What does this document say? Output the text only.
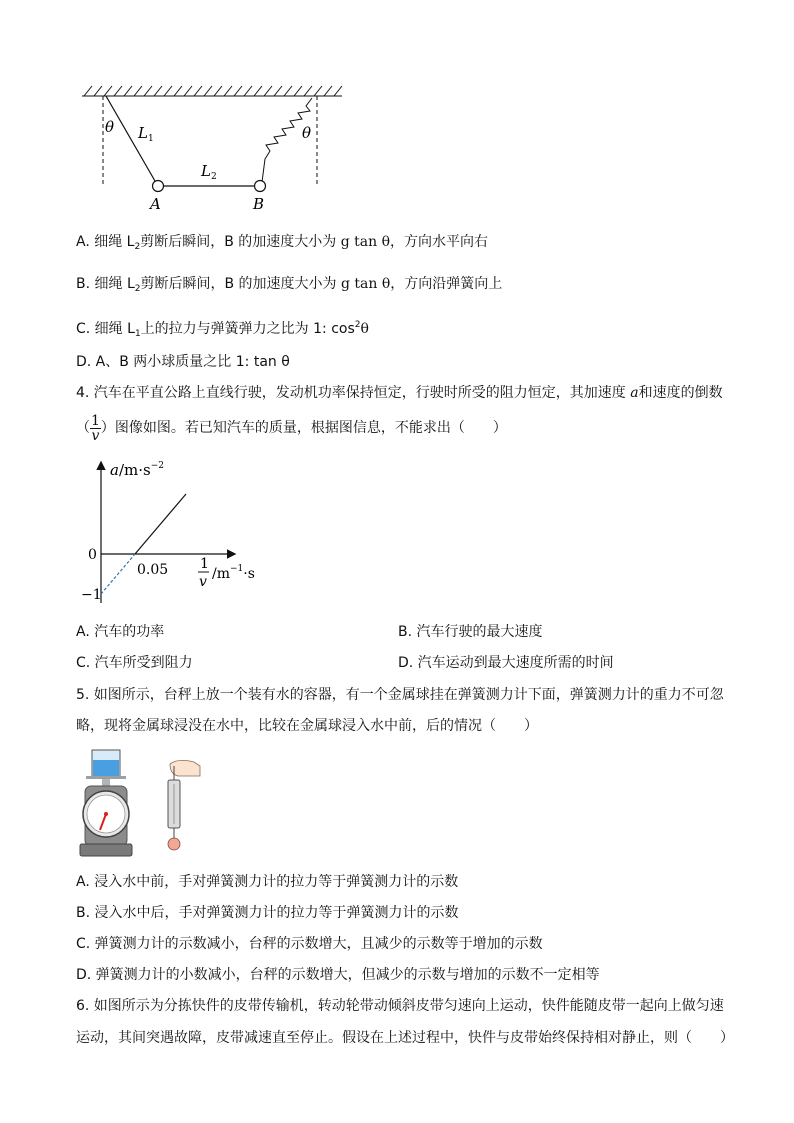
θ	θ
$L_1$
$L_2$
A	B
A. 细绳 $L_2$剪断后瞬间，B 的加速度大小为 g tan θ，方向水平向右
B. 细绳 $L_2$剪断后瞬间，B 的加速度大小为 g tan θ，方向沿弹簧向上
C. 细绳 $L_1$上的拉力与弹簧弹力之比为 1: $\cos^2\theta$
D. A、B 两小球质量之比 1: tan θ
4. 汽车在平直公路上直线行驶，发动机功率保持恒定，行驶时所受的阻力恒定，其加速度 a和速度的倒数
（ $\frac{1}{v}$ ）图像如图。若已知汽车的质量，根据图信息，不能求出（　　）
$a/m\cdot s^{-2}$
0
0.05
−1
1
v $/m^{-1}\cdot s$
A. 汽车的功率	B. 汽车行驶的最大速度
C. 汽车所受到阻力	D. 汽车运动到最大速度所需的时间
5. 如图所示，台秤上放一个装有水的容器，有一个金属球挂在弹簧测力计下面，弹簧测力计的重力不可忽
略，现将金属球浸没在水中，比较在金属球浸入水中前，后的情况（　　）
A. 浸入水中前，手对弹簧测力计的拉力等于弹簧测力计的示数
B. 浸入水中后，手对弹簧测力计的拉力等于弹簧测力计的示数
C. 弹簧测力计的示数减小，台秤的示数增大，且减少的示数等于增加的示数
D. 弹簧测力计的小数减小，台秤的示数增大，但减少的示数与增加的示数不一定相等
6. 如图所示为分拣快件的皮带传输机，转动轮带动倾斜皮带匀速向上运动，快件能随皮带一起向上做匀速
运动，其间突遇故障，皮带减速直至停止。假设在上述过程中，快件与皮带始终保持相对静止，则（　　）
